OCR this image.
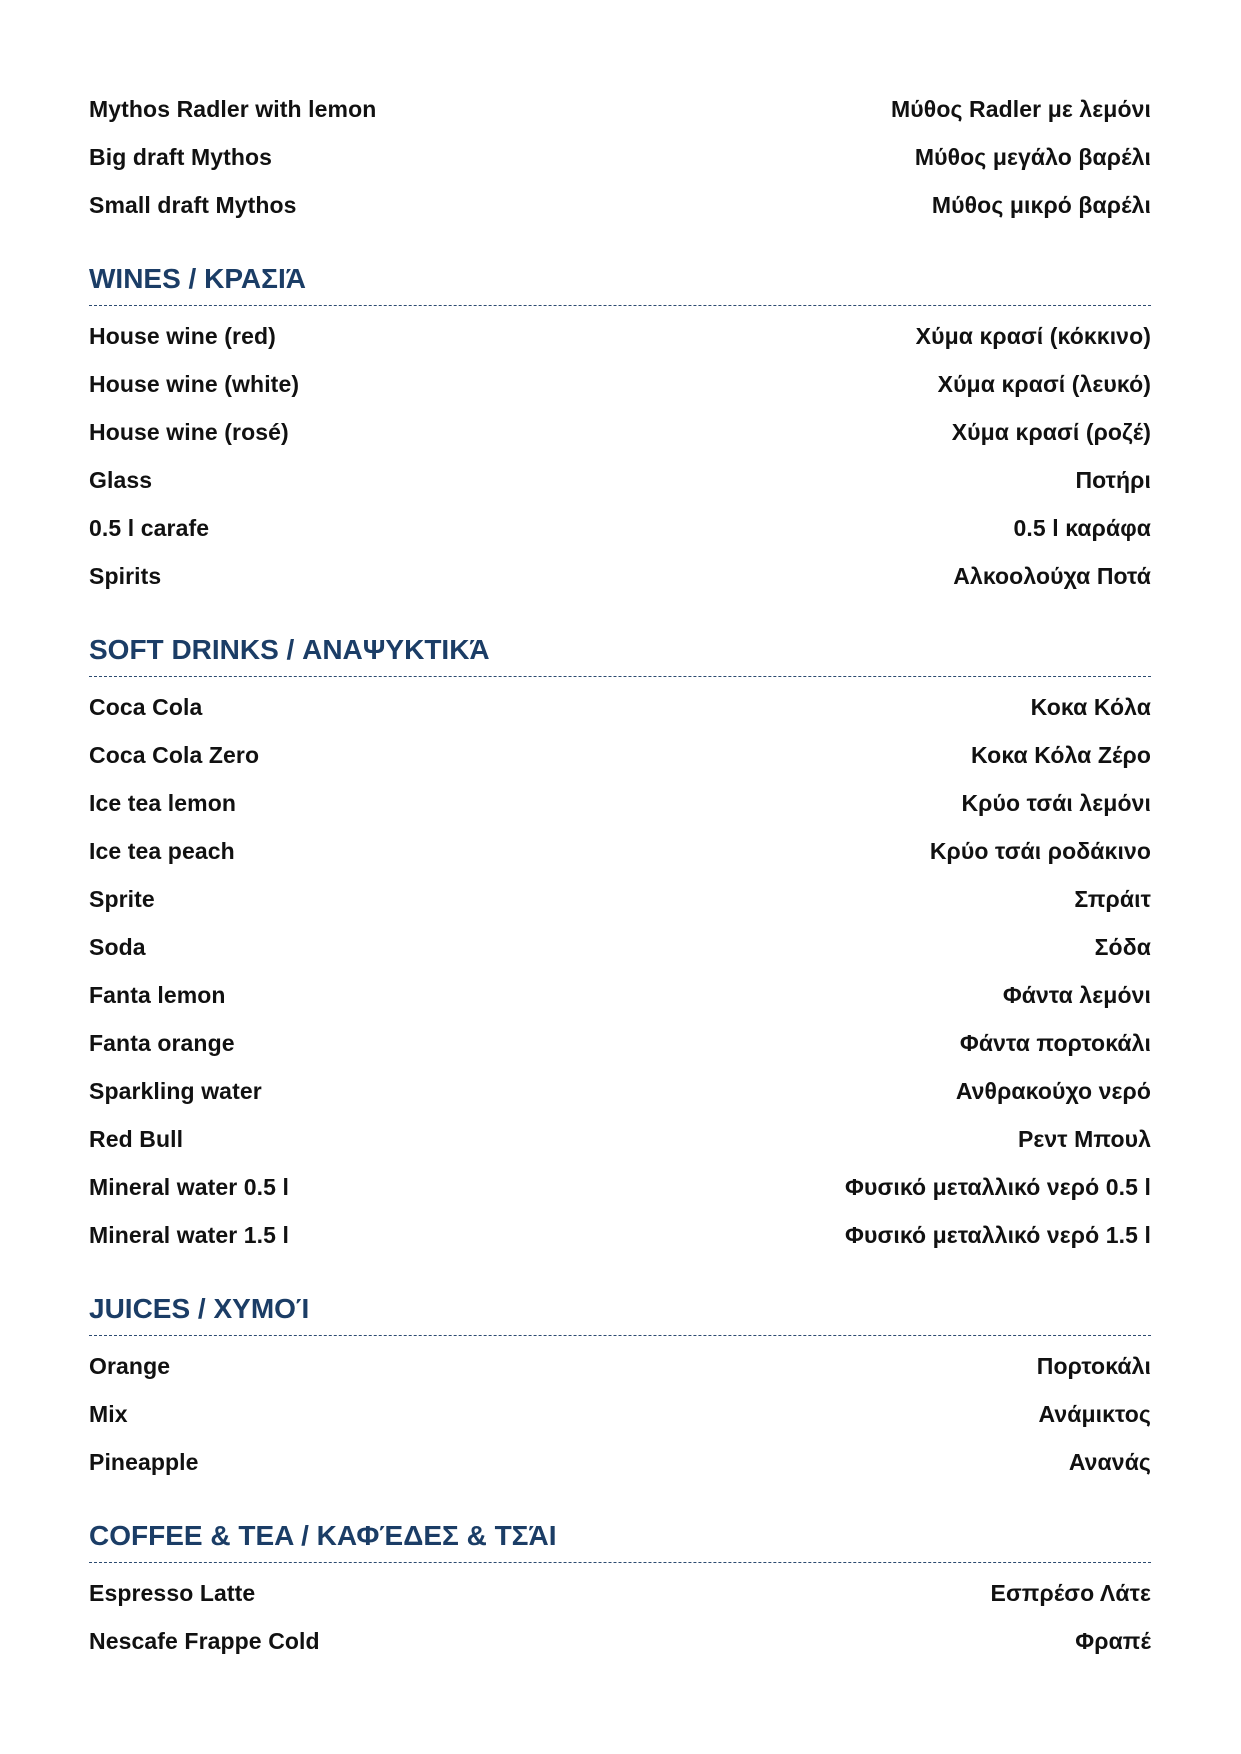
Mythos Radler with lemon	Μύθος Radler με λεμόνι
Big draft Mythos	Μύθος μεγάλο βαρέλι
Small draft Mythos	Μύθος μικρό βαρέλι
WINES / ΚΡΑΣΙΆ
House wine (red)	Χύμα κρασί (κόκκινο)
House wine (white)	Χύμα κρασί (λευκό)
House wine (rosé)	Χύμα κρασί (ροζέ)
Glass	Ποτήρι
0.5 l carafe	0.5 l καράφα
Spirits	Αλκοολούχα Ποτά
SOFT DRINKS / ΑΝΑΨΥΚΤΙΚΆ
Coca Cola	Κοκα Κόλα
Coca Cola Zero	Κοκα Κόλα Ζέρο
Ice tea lemon	Κρύο τσάι λεμόνι
Ice tea peach	Κρύο τσάι ροδάκινο
Sprite	Σπράιτ
Soda	Σόδα
Fanta lemon	Φάντα λεμόνι
Fanta orange	Φάντα πορτοκάλι
Sparkling water	Ανθρακούχο νερό
Red Bull	Ρεντ Μπουλ
Mineral water 0.5 l	Φυσικό μεταλλικό νερό 0.5 l
Mineral water 1.5 l	Φυσικό μεταλλικό νερό 1.5 l
JUICES / ΧΥΜΟΊ
Orange	Πορτοκάλι
Mix	Ανάμικτος
Pineapple	Ανανάς
COFFEE & TEA / ΚΑΦΈΔΕΣ & ΤΣΆΙ
Espresso Latte	Εσπρέσο Λάτε
Nescafe Frappe Cold	Φραπέ
